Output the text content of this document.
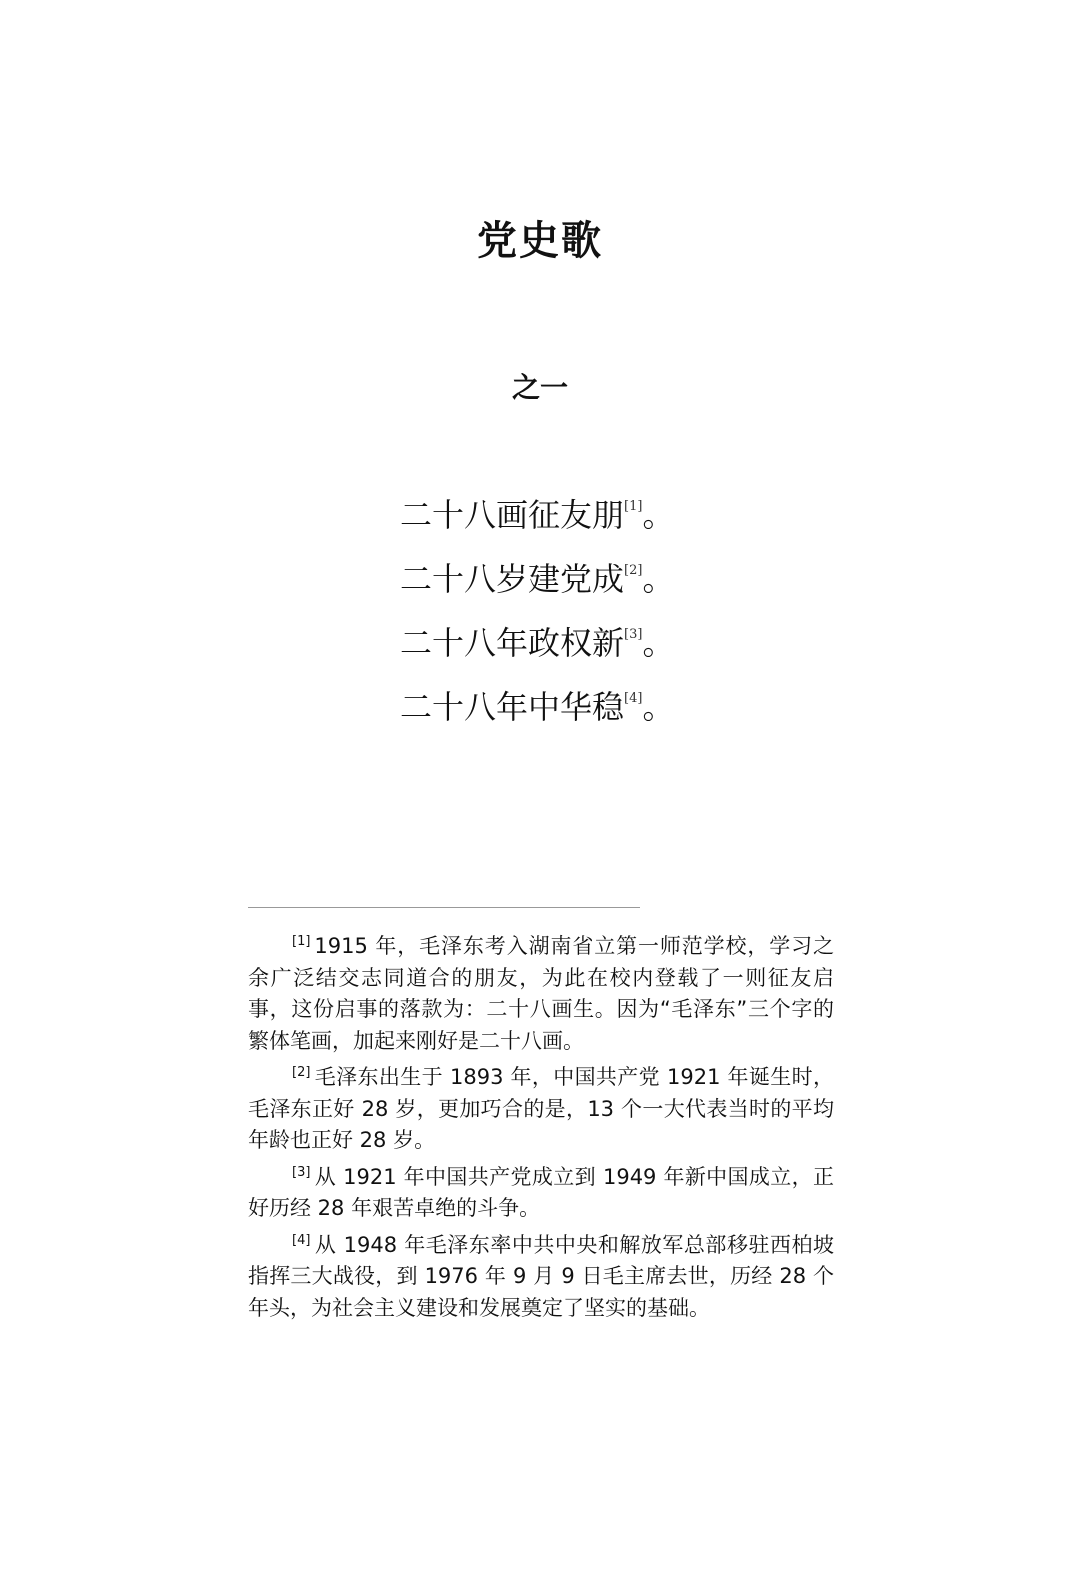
党史歌
之一
二十八画征友朋[1]。
二十八岁建党成[2]。
二十八年政权新[3]。
二十八年中华稳[4]。

[1] 1915 年，毛泽东考入湖南省立第一师范学校，学习之余广泛结交志同道合的朋友，为此在校内登载了一则征友启事，这份启事的落款为：二十八画生。因为“毛泽东”三个字的繁体笔画，加起来刚好是二十八画。

[2] 毛泽东出生于 1893 年，中国共产党 1921 年诞生时，毛泽东正好 28 岁，更加巧合的是，13 个一大代表当时的平均年龄也正好 28 岁。

[3] 从 1921 年中国共产党成立到 1949 年新中国成立，正好历经 28 年艰苦卓绝的斗争。

[4] 从 1948 年毛泽东率中共中央和解放军总部移驻西柏坡指挥三大战役，到 1976 年 9 月 9 日毛主席去世，历经 28 个年头，为社会主义建设和发展奠定了坚实的基础。
